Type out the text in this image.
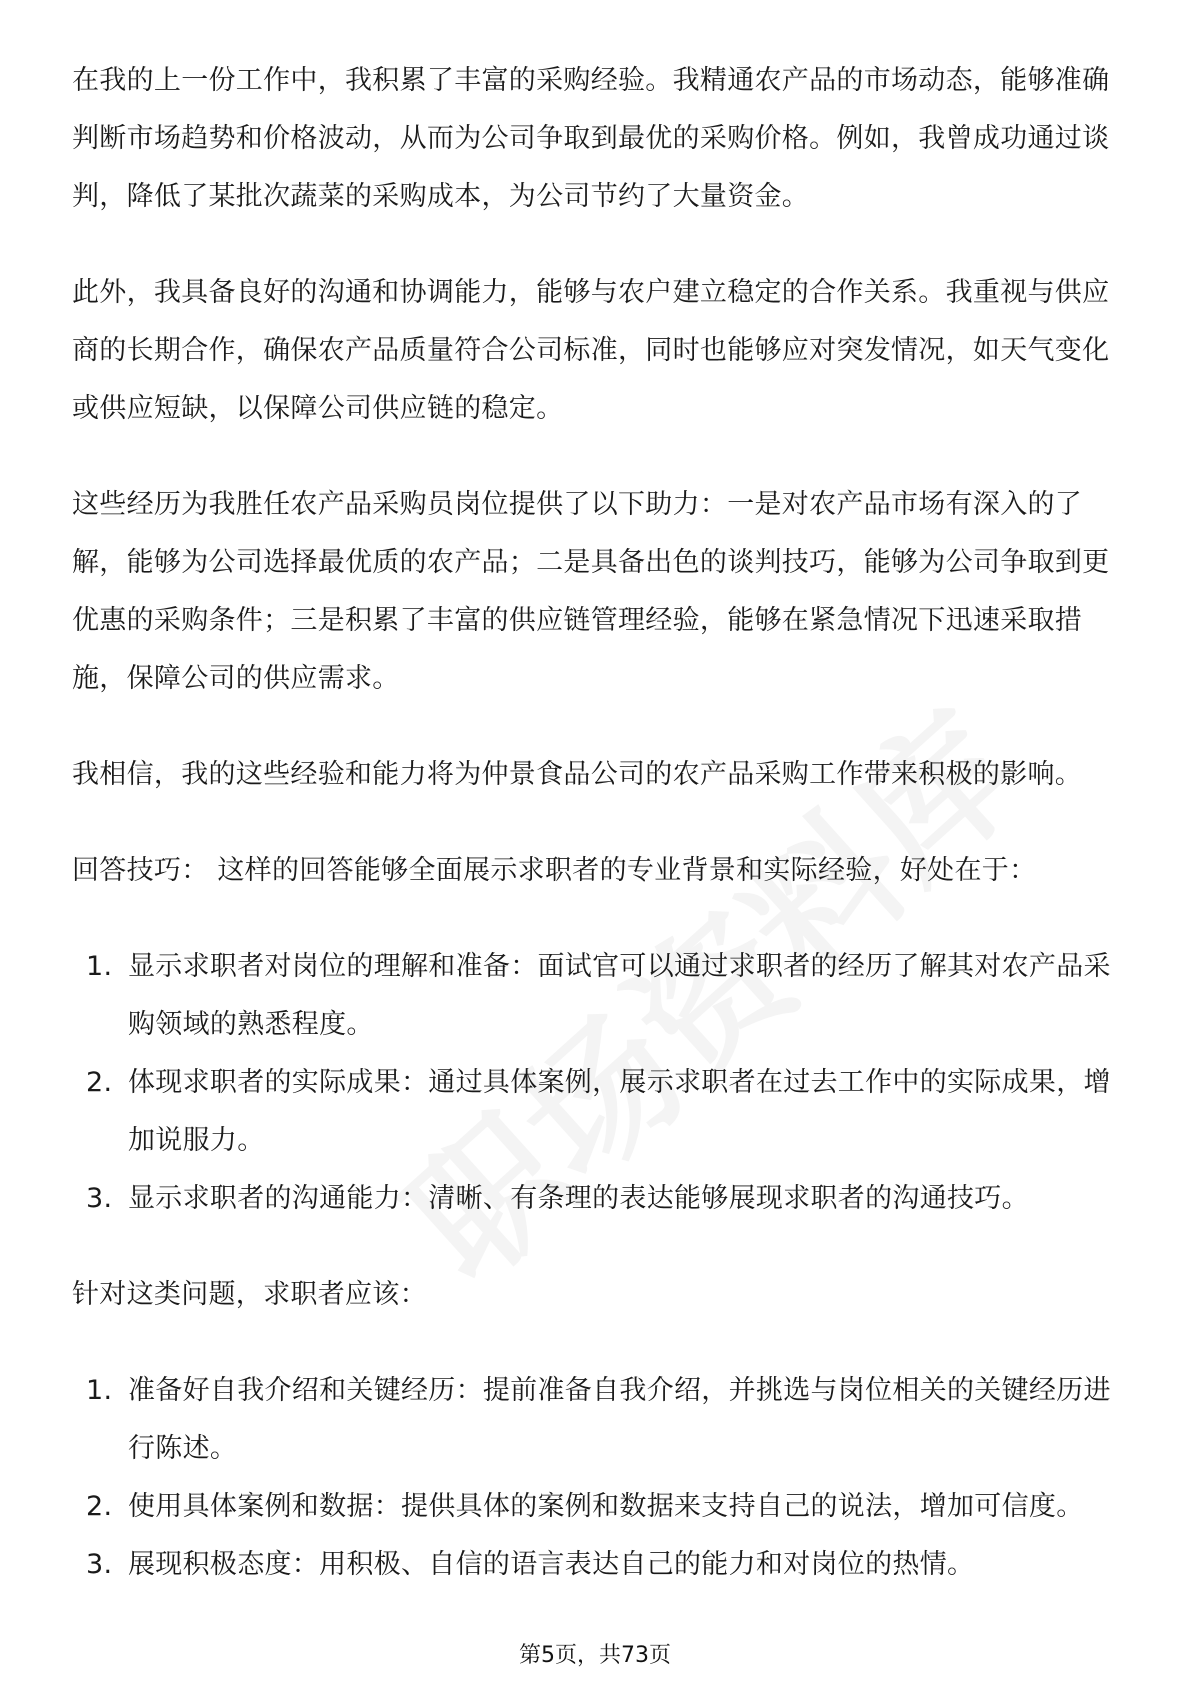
在我的上一份工作中，我积累了丰富的采购经验。我精通农产品的市场动态，能够准确判断市场趋势和价格波动，从而为公司争取到最优的采购价格。例如，我曾成功通过谈判，降低了某批次蔬菜的采购成本，为公司节约了大量资金。

此外，我具备良好的沟通和协调能力，能够与农户建立稳定的合作关系。我重视与供应商的长期合作，确保农产品质量符合公司标准，同时也能够应对突发情况，如天气变化或供应短缺，以保障公司供应链的稳定。

这些经历为我胜任农产品采购员岗位提供了以下助力：一是对农产品市场有深入的了解，能够为公司选择最优质的农产品；二是具备出色的谈判技巧，能够为公司争取到更优惠的采购条件；三是积累了丰富的供应链管理经验，能够在紧急情况下迅速采取措施，保障公司的供应需求。

我相信，我的这些经验和能力将为仲景食品公司的农产品采购工作带来积极的影响。

回答技巧： 这样的回答能够全面展示求职者的专业背景和实际经验，好处在于：

1. 显示求职者对岗位的理解和准备：面试官可以通过求职者的经历了解其对农产品采购领域的熟悉程度。
2. 体现求职者的实际成果：通过具体案例，展示求职者在过去工作中的实际成果，增加说服力。
3. 显示求职者的沟通能力：清晰、有条理的表达能够展现求职者的沟通技巧。

针对这类问题，求职者应该：

1. 准备好自我介绍和关键经历：提前准备自我介绍，并挑选与岗位相关的关键经历进行陈述。
2. 使用具体案例和数据：提供具体的案例和数据来支持自己的说法，增加可信度。
3. 展现积极态度：用积极、自信的语言表达自己的能力和对岗位的热情。
第5页，共73页
